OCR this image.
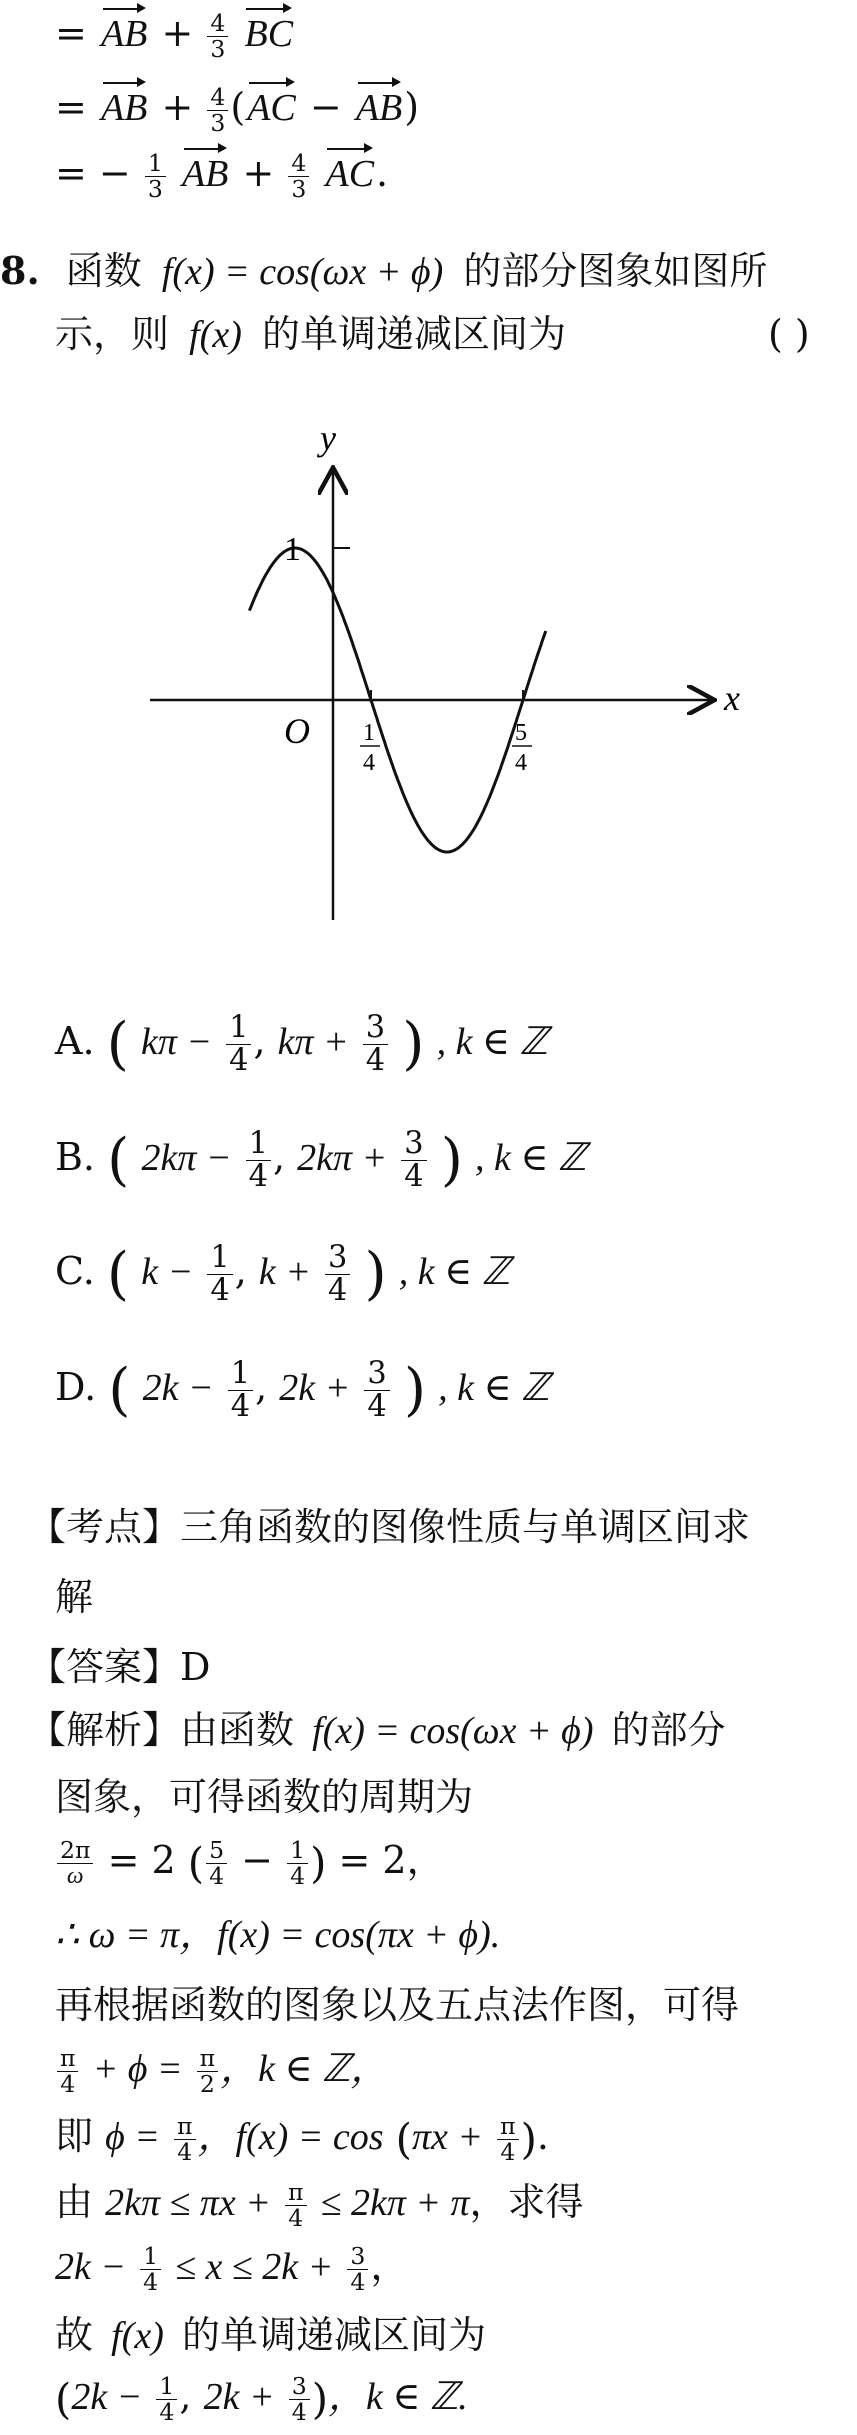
= AB + $\frac{4}{3}$ BC
= AB + $\frac{4}{3} (AC - AB)$
= − $\frac{1}{3}$ AB + $\frac{4}{3}$ AC.
8. 函数 f(x) = cos(ωx + ϕ) 的部分图象如图所
示，则 f(x) 的单调递减区间为	( )
y
x
O
1
1
4
5
4
A. ( $k\pi - \frac{1}{4}$ , $k\pi + \frac{3}{4}$ ) , k ∈ ℤ
B. ( $2k\pi - \frac{1}{4}$ , $2k\pi + \frac{3}{4}$ ) , k ∈ ℤ
C. ( $k - \frac{1}{4}$ , $k + \frac{3}{4}$ ) , k ∈ ℤ
D. ( $2k - \frac{1}{4}$ , $2k + \frac{3}{4}$ ) , k ∈ ℤ
【考点】三角函数的图像性质与单调区间求
解
【答案】D
【解析】由函数 f(x) = cos(ωx + ϕ) 的部分
图象，可得函数的周期为
$\frac{2\pi}{\omega} = 2$ ( $\frac{5}{4} - \frac{1}{4}$ ) = 2，
∴ ω = π，f(x) = cos(πx + ϕ).
再根据函数的图象以及五点法作图，可得
$\frac{\pi}{4} + \phi = \frac{\pi}{2}$ ，k ∈ ℤ，
即 $\phi = \frac{\pi}{4}$ ，$f(x) = \cos (\pi x + \frac{\pi}{4}$ ).
由 $2k\pi \le \pi x + \frac{\pi}{4} \le 2k\pi + \pi$，求得
$2k - \frac{1}{4} \le x \le 2k + \frac{3}{4}$ ，
故 f(x) 的单调递减区间为
($2k - \frac{1}{4}$ , $2k + \frac{3}{4}$ )，k ∈ ℤ.
